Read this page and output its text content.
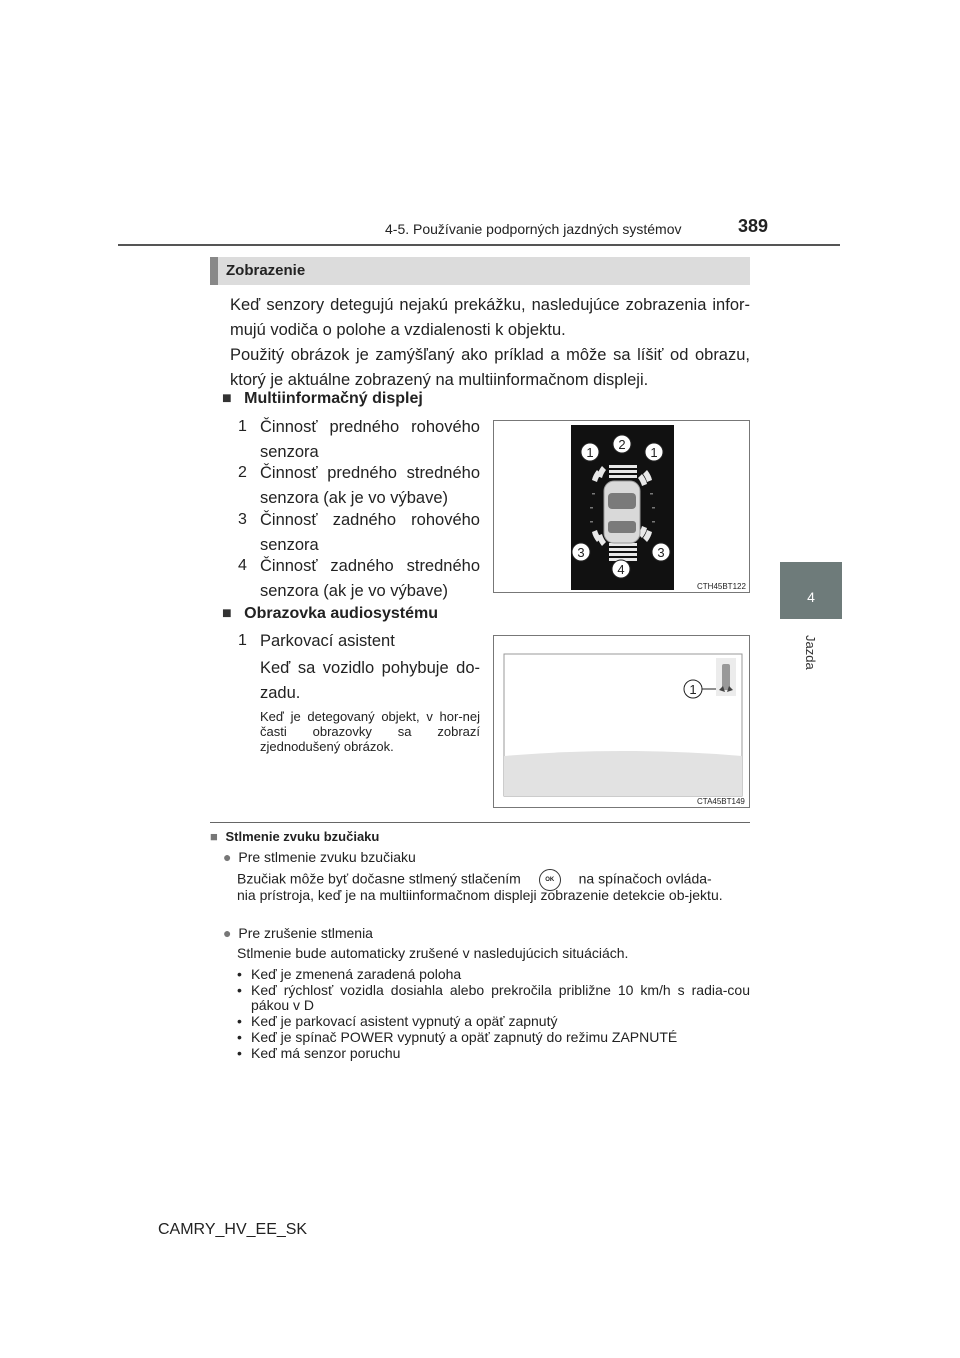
4-5. Používanie podporných jazdných systémov	389
4
Jazda
Zobrazenie
Keď senzory detegujú nejakú prekážku, nasledujúce zobrazenia infor-mujú vodiča o polohe a vzdialenosti k objektu.
Použitý obrázok je zamýšľaný ako príklad a môže sa líšiť od obrazu, ktorý je aktuálne zobrazený na multiinformačnom displeji.
■ Multiinformačný displej
1 Činnosť predného rohového senzora
2 Činnosť predného stredného senzora (ak je vo výbave)
3 Činnosť zadného rohového senzora
4 Činnosť zadného stredného senzora (ak je vo výbave)
1
2
1
3	3
4
CTH45BT122
■ Obrazovka audiosystému
1 Parkovací asistent
Keď sa vozidlo pohybuje do-zadu.
Keď je detegovaný objekt, v hor-nej časti obrazovky sa zobrazí zjednodušený obrázok.
1
CTA45BT149
■ Stlmenie zvuku bzučiaku
● Pre stlmenie zvuku bzučiaku
Bzučiak môže byť dočasne stlmený stlačením	OK na spínačoch ovláda-
nia prístroja, keď je na multiinformačnom displeji zobrazenie detekcie ob-jektu.
● Pre zrušenie stlmenia
Stlmenie bude automaticky zrušené v nasledujúcich situáciách.
• Keď je zmenená zaradená poloha
• Keď rýchlosť vozidla dosiahla alebo prekročila približne 10 km/h s radia-cou pákou v D
• Keď je parkovací asistent vypnutý a opäť zapnutý
• Keď je spínač POWER vypnutý a opäť zapnutý do režimu ZAPNUTÉ
• Keď má senzor poruchu
CAMRY_HV_EE_SK
